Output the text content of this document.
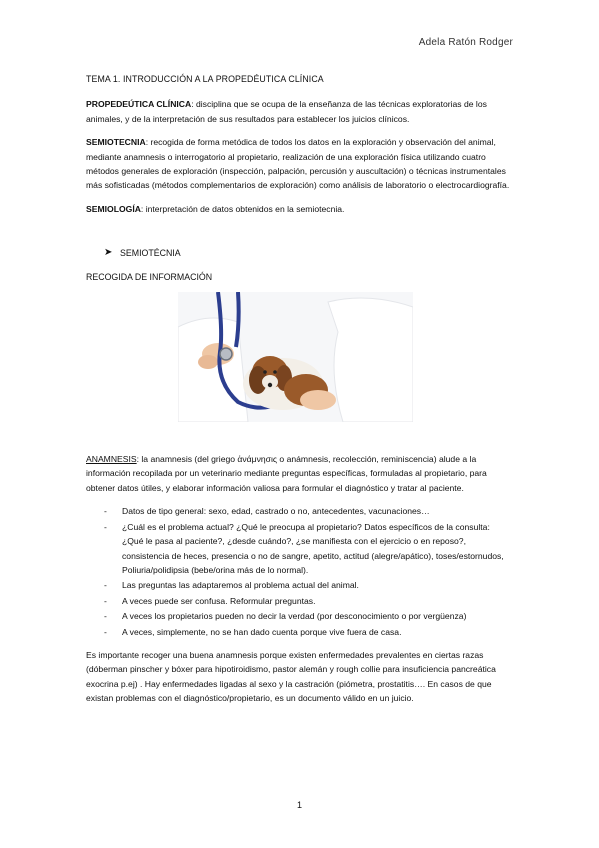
Adela Ratón Rodger
TEMA 1. INTRODUCCIÓN A LA PROPEDÉUTICA CLÍNICA

PROPEDEÚTICA CLÍNICA: disciplina que se ocupa de la enseñanza de las técnicas exploratorias de los animales, y de la interpretación de sus resultados para establecer los juicios clínicos.

SEMIOTECNIA: recogida de forma metódica de todos los datos en la exploración y observación del animal, mediante anamnesis o interrogatorio al propietario, realización de una exploración física utilizando cuatro métodos generales de exploración (inspección, palpación, percusión y auscultación) o técnicas instrumentales más sofisticadas (métodos complementarios de exploración) como análisis de laboratorio o electrocardiografía.

SEMIOLOGÍA: interpretación de datos obtenidos en la semiotecnia.

➤ SEMIOTÉCNIA
RECOGIDA DE INFORMACIÓN

ANAMNESIS: la anamnesis (del griego ἀνάμνησις o anámnesis, recolección, reminiscencia) alude a la información recopilada por un veterinario mediante preguntas específicas, formuladas al propietario, para obtener datos útiles, y elaborar información valiosa para formular el diagnóstico y tratar al paciente.

- Datos de tipo general: sexo, edad, castrado o no, antecedentes, vacunaciones…
- ¿Cuál es el problema actual? ¿Qué le preocupa al propietario? Datos específicos de la consulta: ¿Qué le pasa al paciente?, ¿desde cuándo?, ¿se manifiesta con el ejercicio o en reposo?, consistencia de heces, presencia o no de sangre, apetito, actitud (alegre/apático), toses/estornudos, Poliuria/polidipsia (bebe/orina más de lo normal).
- Las preguntas las adaptaremos al problema actual del animal.
- A veces puede ser confusa. Reformular preguntas.
- A veces los propietarios pueden no decir la verdad (por desconocimiento o por vergüenza)
- A veces, simplemente, no se han dado cuenta porque vive fuera de casa.

Es importante recoger una buena anamnesis porque existen enfermedades prevalentes en ciertas razas (dóberman pinscher y bóxer para hipotiroidismo, pastor alemán y rough collie para insuficiencia pancreática exocrina p.ej) . Hay enfermedades ligadas al sexo y la castración (piómetra, prostatitis…. En casos de que existan problemas con el diagnóstico/propietario, es un documento válido en un juicio.

1
